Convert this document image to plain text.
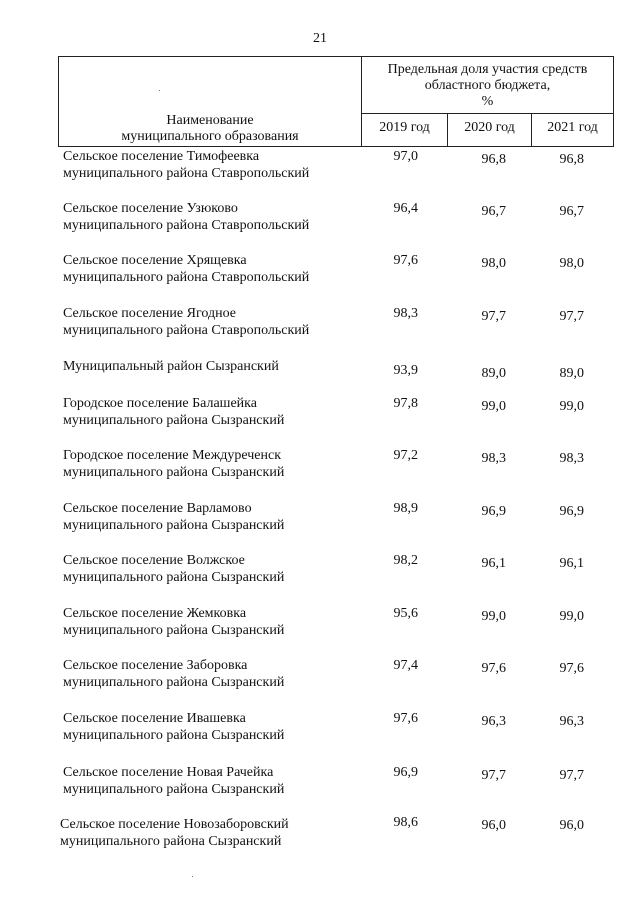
21
Наименование
муниципального образования
Предельная доля участия средств
областного бюджета,
%
2019 год	2020 год	2021 год
Сельское поселение Тимофеевка
муниципального района Ставропольский
97,0	96,8	96,8
Сельское поселение Узюково
муниципального района Ставропольский
96,4	96,7	96,7
Сельское поселение Хрящевка
муниципального района Ставропольский
97,6	98,0	98,0
Сельское поселение Ягодное
муниципального района Ставропольский
98,3	97,7	97,7
Муниципальный район Сызранский	93,9	89,0	89,0
Городское поселение Балашейка
муниципального района Сызранский
97,8	99,0	99,0
Городское поселение Междуреченск
муниципального района Сызранский
97,2	98,3	98,3
Сельское поселение Варламово
муниципального района Сызранский
98,9	96,9	96,9
Сельское поселение Волжское
муниципального района Сызранский
98,2	96,1	96,1
Сельское поселение Жемковка
муниципального района Сызранский
95,6	99,0	99,0
Сельское поселение Заборовка
муниципального района Сызранский
97,4	97,6	97,6
Сельское поселение Ивашевка
муниципального района Сызранский
97,6	96,3	96,3
Сельское поселение Новая Рачейка
муниципального района Сызранский
96,9	97,7	97,7
Сельское поселение Новозаборовский
муниципального района Сызранский
98,6	96,0	96,0
